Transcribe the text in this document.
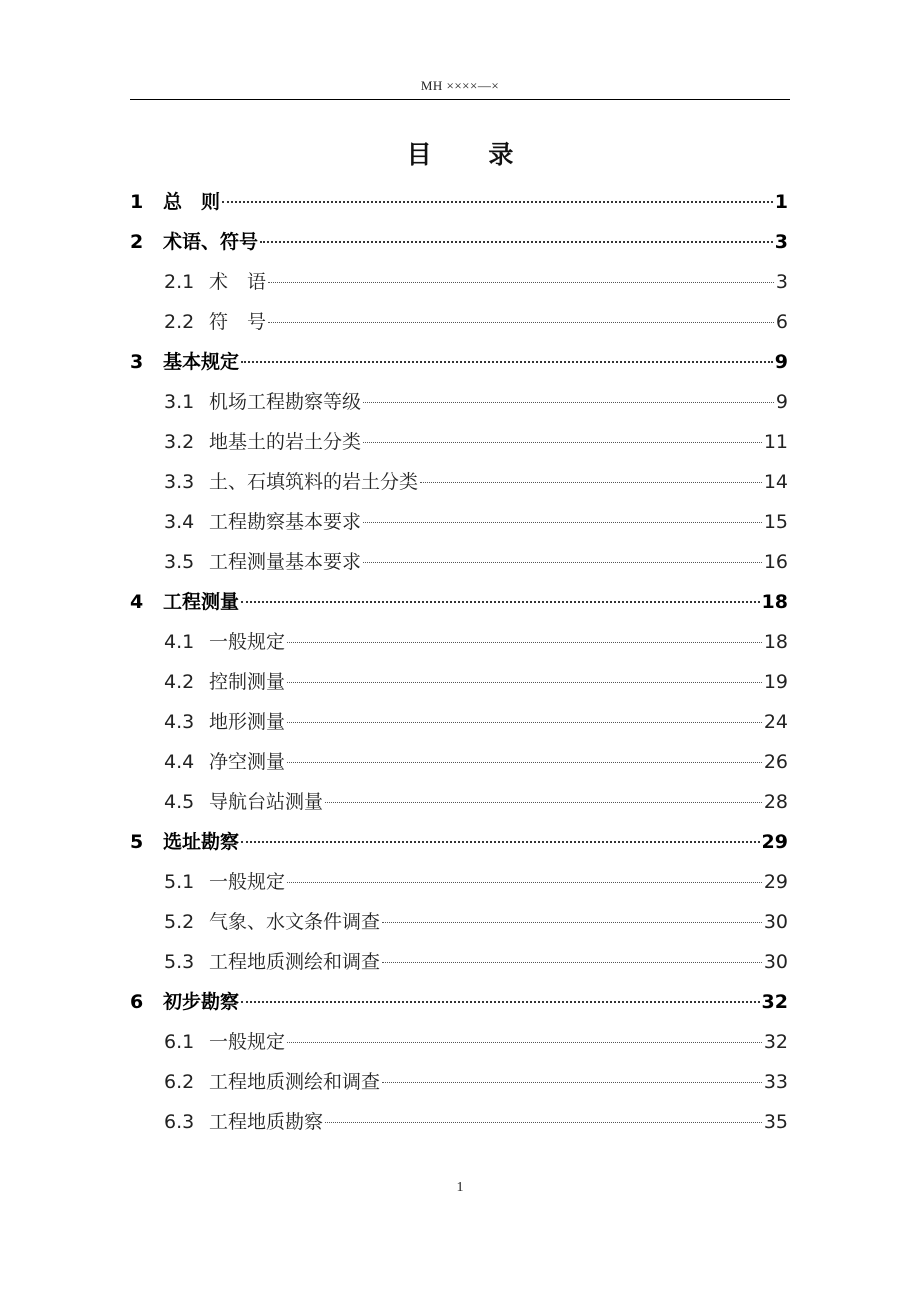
MH ××××—×
目 录
1	总　则	1
2	术语、符号	3
2.1 术　语	3
2.2 符　号	6
3	基本规定	9
3.1 机场工程勘察等级	9
3.2 地基土的岩土分类	11
3.3 土、石填筑料的岩土分类	14
3.4 工程勘察基本要求	15
3.5 工程测量基本要求	16
4	工程测量	18
4.1 一般规定	18
4.2 控制测量	19
4.3 地形测量	24
4.4 净空测量	26
4.5 导航台站测量	28
5	选址勘察	29
5.1 一般规定	29
5.2 气象、水文条件调查	30
5.3 工程地质测绘和调查	30
6	初步勘察	32
6.1 一般规定	32
6.2 工程地质测绘和调查	33
6.3 工程地质勘察	35
1
